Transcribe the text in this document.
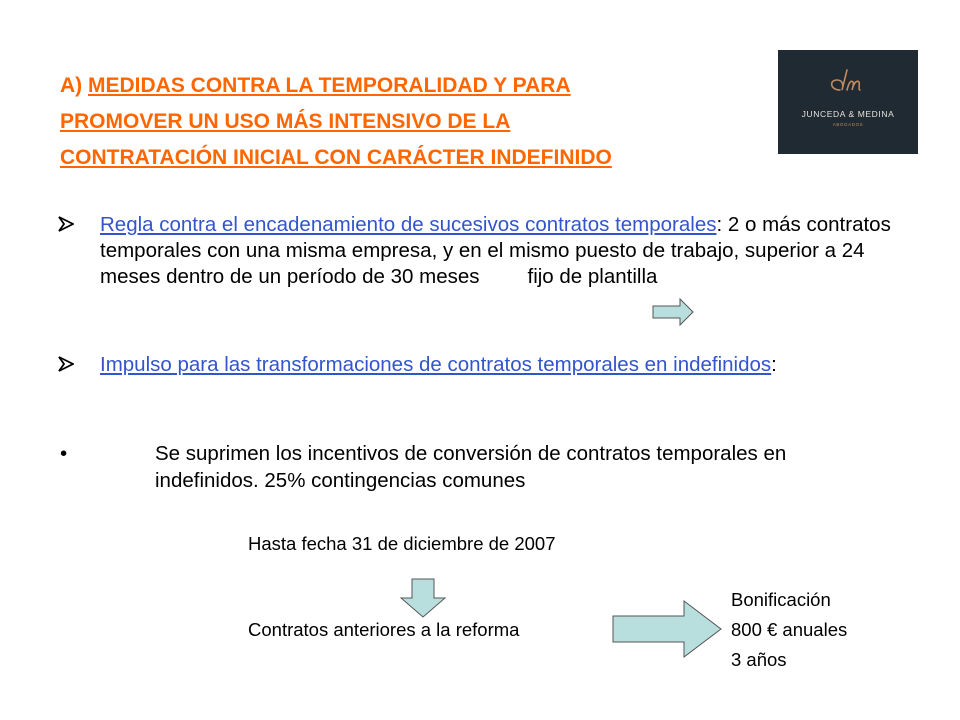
A) MEDIDAS CONTRA LA TEMPORALIDAD Y PARA
PROMOVER UN USO MÁS INTENSIVO DE LA
CONTRATACIÓN INICIAL CON CARÁCTER INDEFINIDO
JUNCEDA & MEDINA
ABOGADOS
Regla contra el encadenamiento de sucesivos contratos temporales: 2 o más contratos temporales con una misma empresa, y en el mismo puesto de trabajo, superior a 24 meses dentro de un período de 30 meses fijo de plantilla
Impulso para las transformaciones de contratos temporales en indefinidos:
•	Se suprimen los incentivos de conversión de contratos temporales en indefinidos. 25% contingencias comunes
Hasta fecha 31 de diciembre de 2007
Contratos anteriores a la reforma
Bonificación
800 € anuales
3 años
